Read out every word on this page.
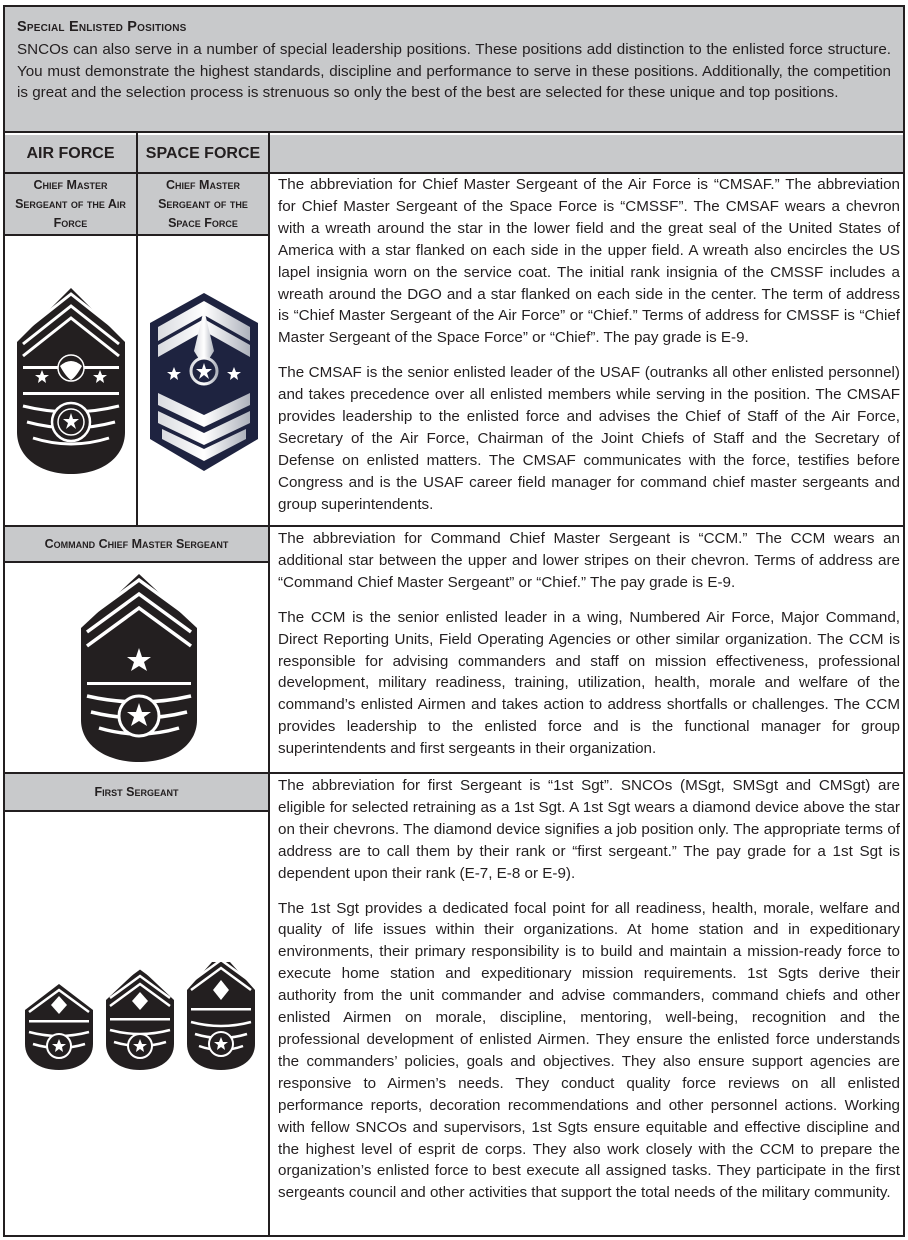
Special Enlisted Positions
SNCOs can also serve in a number of special leadership positions. These positions add distinction to the enlisted force structure. You must demonstrate the highest standards, discipline and performance to serve in these positions. Additionally, the competition is great and the selection process is strenuous so only the best of the best are selected for these unique and top positions.
AIR FORCE	SPACE FORCE
Chief Master Sergeant of the Air Force
Chief Master Sergeant of the Space Force
Command Chief Master Sergeant
First Sergeant

The abbreviation for Chief Master Sergeant of the Air Force is “CMSAF.” The abbreviation for Chief Master Sergeant of the Space Force is “CMSSF”. The CMSAF wears a chevron with a wreath around the star in the lower field and the great seal of the United States of America with a star flanked on each side in the upper field. A wreath also encircles the US lapel insignia worn on the service coat. The initial rank insignia of the CMSSF includes a wreath around the DGO and a star flanked on each side in the center. The term of address is “Chief Master Sergeant of the Air Force” or “Chief.” Terms of address for CMSSF is “Chief Master Sergeant of the Space Force” or “Chief”. The pay grade is E-9.

The CMSAF is the senior enlisted leader of the USAF (outranks all other enlisted personnel) and takes precedence over all enlisted members while serving in the position. The CMSAF provides leadership to the enlisted force and advises the Chief of Staff of the Air Force, Secretary of the Air Force, Chairman of the Joint Chiefs of Staff and the Secretary of Defense on enlisted matters. The CMSAF communicates with the force, testifies before Congress and is the USAF career field manager for command chief master sergeants and group superintendents.

The abbreviation for Command Chief Master Sergeant is “CCM.” The CCM wears an additional star between the upper and lower stripes on their chevron. Terms of address are “Command Chief Master Sergeant” or “Chief.” The pay grade is E-9.

The CCM is the senior enlisted leader in a wing, Numbered Air Force, Major Command, Direct Reporting Units, Field Operating Agencies or other similar organization. The CCM is responsible for advising commanders and staff on mission effectiveness, professional development, military readiness, training, utilization, health, morale and welfare of the command’s enlisted Airmen and takes action to address shortfalls or challenges. The CCM provides leadership to the enlisted force and is the functional manager for group superintendents and first sergeants in their organization.

The abbreviation for first Sergeant is “1st Sgt”. SNCOs (MSgt, SMSgt and CMSgt) are eligible for selected retraining as a 1st Sgt. A 1st Sgt wears a diamond device above the star on their chevrons. The diamond device signifies a job position only. The appropriate terms of address are to call them by their rank or “first sergeant.” The pay grade for a 1st Sgt is dependent upon their rank (E-7, E-8 or E-9).

The 1st Sgt provides a dedicated focal point for all readiness, health, morale, welfare and quality of life issues within their organizations. At home station and in expeditionary environments, their primary responsibility is to build and maintain a mission-ready force to execute home station and expeditionary mission requirements. 1st Sgts derive their authority from the unit commander and advise commanders, command chiefs and other enlisted Airmen on morale, discipline, mentoring, well-being, recognition and the professional development of enlisted Airmen. They ensure the enlisted force understands the commanders’ policies, goals and objectives. They also ensure support agencies are responsive to Airmen’s needs. They conduct quality force reviews on all enlisted performance reports, decoration recommendations and other personnel actions. Working with fellow SNCOs and supervisors, 1st Sgts ensure equitable and effective discipline and the highest level of esprit de corps. They also work closely with the CCM to prepare the organization’s enlisted force to best execute all assigned tasks. They participate in the first sergeants council and other activities that support the total needs of the military community.
